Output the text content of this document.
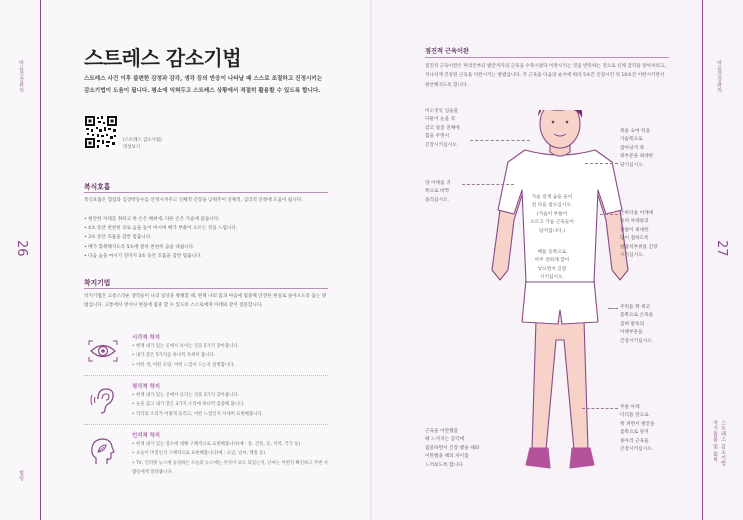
마음건강관리
26
힐링
스트레스 감소기법
스트레스 사건 이후 불편한 감정과 감각, 생각 등의 반응이 나타날 때 스스로 조절하고 진정시키는 감소기법이 도움이 됩니다. 평소에 익혀두고 스트레스 상황에서 적절히 활용할 수 있도록 합니다.
(스트레스 감소기법)
영상보기
복식호흡
복식호흡은 혈압과 심장박동수를 안정시켜주고 신체적 긴장을 낮춰주어 신체적, 심리적 안정에 도움이 됩니다.
• 편안한 자세를 취하고 한 손은 배위에, 다른 손은 가슴에 얹습니다.
• 4초 동안 천천히 코로 숨을 들이 마시며 배가 부풀어 오르는 것을 느낍니다.
• 3초 동안 호흡을 잠깐 멈춥니다.
• 배가 홀쭉해지도록 5초에 걸쳐 천천히 숨을 내쉽니다.
• 다음 숨을 마시기 전까지 3초 동안 호흡을 잠깐 멈춥니다.
착지기법
착지기법은 고통스러운 생각들이 나의 일상을 방해할 때, 현재 나의 몸과 마음에 집중해 안전한 현실로 돌아오도록 돕는 방법입니다. 고통에서 벗어나 현실에 집중 할 수 있도록 스스로에게 아래와 같이 질문합니다.
시각적 착지
• 현재 내가 있는 곳에서 보이는 것을 5가지 찾아봅니다.
• 내가 찾은 5가지를 하나씩 자세히 봅니다.
• 어떤 색, 어떤 모양, 어떤 느낌이 드는지 설명합니다.
청각적 착지
• 현재 내가 있는 곳에서 들리는 것을 3가지 찾아봅니다.
• 눈을 감고 내가 찾은 3가지 소리에 하나씩 집중해 봅니다.
• 각각의 소리가 어떻게 들리고, 어떤 느낌인지 자세히 표현해봅니다.
인지적 착지
• 현재 내가 있는 장소에 대해 구체적으로 표현해봅니다(예 : 층, 건물, 동, 지역, 국가 등)
• 오늘이 며칠인지 구체적으로 표현해봅니다(예 : 요일, 날씨, 계절 등)
• TV, 인터넷 뉴스에 등장하는 오늘의 뉴스에는 무엇이 보도 되었는지, 날씨는 어떤지 확인하고 주변 사람들에게 알려줍니다.
마음건강관리
27
자기돌봄 및 회복 스트레스 감소기법
점진적 근육이완
점진적 근육이완은 머리끝부터 발끝까지의 근육을 수축시켰다 이완시키는 것을 반복하는 것으로 신체 감각을 알아차리고, 지나치게 긴장된 근육을 이완시키는 방법입니다. 각 근육을 다음의 순서에 따라 5초간 긴장시킨 뒤 10초간 이완시키면서 편안해지도록 합니다.
미소짓듯 입술을
다물어 눈을 꼭
감고 얼굴 전체에
힘을 주면서
긴장시키십시오.
양 어깨를 귀
쪽으로 바짝
올리십시오.
가슴 깊게 숨을 들이
쉰 다음 참으십시오.
(가슴이 부풀어
오르고 가슴 근육들이
당겨집니다.)
배를 등쪽으로
아주 강하게 끌어
넣으면서 긴장
시키십시오.
목을 숙여 턱을
가슴쪽으로
잡아당겨 목
뒷부분을 최대한
당기십시오.
손바닥을 어깨에
올려 아래팔과
윗팔이 최대한
많이 접하도록
팔꿈치부위를 긴장
시키십시오.
주먹을 꽉 쥐고
몸쪽으로 손목을
굽혀 팔뚝의
아랫부분을
긴장시키십시오.
무릎 아래
다리를 앞으로
쭉 펴면서 발끝을
몸쪽으로 당겨
종아리 근육을
긴장시키십시오.
근육을 이완했을
때 느껴지는 감각에
집중하면서 긴장 했을 때와
이완했을 때의 차이를
느껴보도록 합니다.
